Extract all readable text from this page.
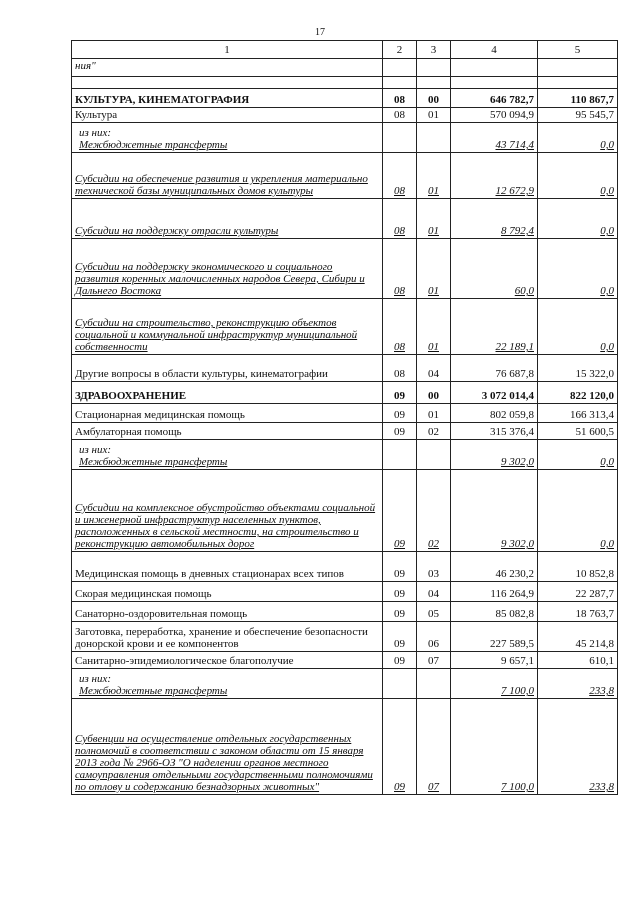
17
1	2	3	4	5
ния"				

КУЛЬТУРА, КИНЕМАТОГРАФИЯ	08	00	646 782,7	110 867,7
Культура	08	01	570 094,9	95 545,7

из них:
Межбюджетные трансферты			43 714,4	0,0
Субсидии на обеспечение развития и укрепления материально технической базы муниципальных домов культуры	08	01	12 672,9	0,0
Субсидии на поддержку отрасли культуры	08	01	8 792,4	0,0
Субсидии на поддержку экономического и социального развития коренных малочисленных народов Севера, Сибири и Дальнего Востока	08	01	60,0	0,0
Субсидии на строительство, реконструкцию объектов социальной и коммунальной инфраструктур муниципальной собственности	08	01	22 189,1	0,0
Другие вопросы в области культуры, кинематографии	08	04	76 687,8	15 322,0
ЗДРАВООХРАНЕНИЕ	09	00	3 072 014,4	822 120,0
Стационарная медицинская помощь	09	01	802 059,8	166 313,4
Амбулаторная помощь	09	02	315 376,4	51 600,5

из них:
Межбюджетные трансферты			9 302,0	0,0
Субсидии на комплексное обустройство объектами социальной и инженерной инфраструктур населенных пунктов, расположенных в сельской местности, на строительство и реконструкцию автомобильных дорог	09	02	9 302,0	0,0
Медицинская помощь в дневных стационарах всех типов	09	03	46 230,2	10 852,8
Скорая медицинская помощь	09	04	116 264,9	22 287,7
Санаторно-оздоровительная помощь	09	05	85 082,8	18 763,7
Заготовка, переработка, хранение и обеспечение безопасности донорской крови и ее компонентов	09	06	227 589,5	45 214,8
Санитарно-эпидемиологическое благополучие	09	07	9 657,1	610,1

из них:
Межбюджетные трансферты			7 100,0	233,8
Субвенции на осуществление отдельных государственных полномочий в соответствии с законом области от 15 января 2013 года № 2966-ОЗ "О наделении органов местного самоуправления отдельными государственными полномочиями по отлову и содержанию безнадзорных животных"	09	07	7 100,0	233,8
